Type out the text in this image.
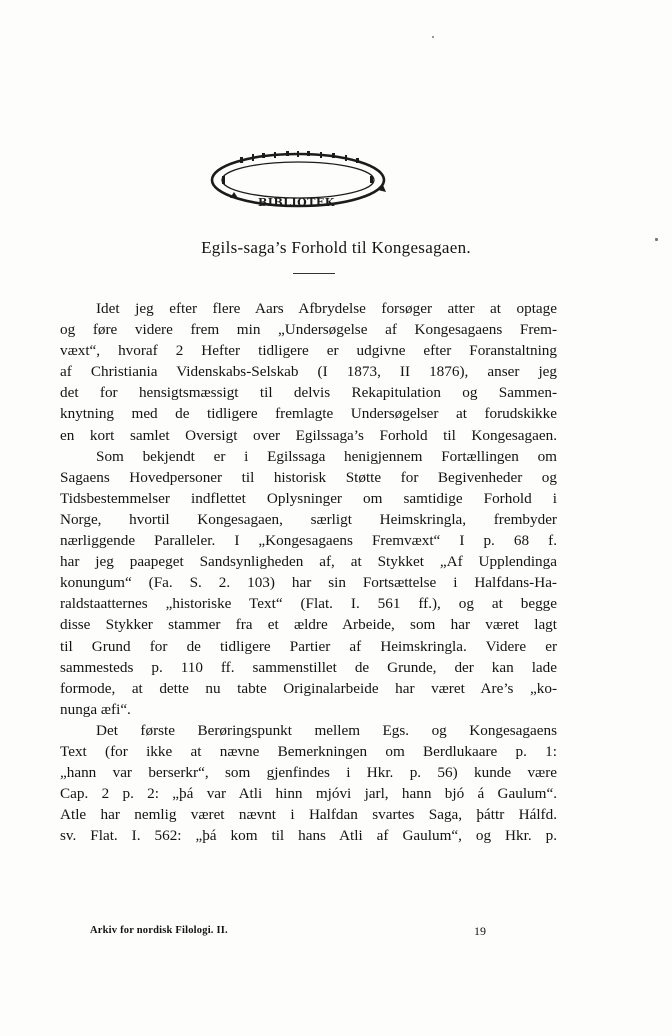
BIBLIOTEK
Egils-saga’s Forhold til Kongesagaen.
Idet jeg efter flere Aars Afbrydelse forsøger atter at optage
og føre videre frem min „Undersøgelse af Kongesagaens Frem-
væxt“, hvoraf 2 Hefter tidligere er udgivne efter Foranstaltning
af Christiania Videnskabs-Selskab (I 1873, II 1876), anser jeg
det for hensigtsmæssigt til delvis Rekapitulation og Sammen-
knytning med de tidligere fremlagte Undersøgelser at forudskikke
en kort samlet Oversigt over Egilssaga’s Forhold til Kongesagaen.
Som bekjendt er i Egilssaga henigjennem Fortællingen om
Sagaens Hovedpersoner til historisk Støtte for Begivenheder og
Tidsbestemmelser indflettet Oplysninger om samtidige Forhold i
Norge, hvortil Kongesagaen, særligt Heimskringla, frembyder
nærliggende Paralleler. I „Kongesagaens Fremvæxt“ I p. 68 f.
har jeg paapeget Sandsynligheden af, at Stykket „Af Upplendinga
konungum“ (Fa. S. 2. 103) har sin Fortsættelse i Halfdans-Ha-
raldstaatternes „historiske Text“ (Flat. I. 561 ff.), og at begge
disse Stykker stammer fra et ældre Arbeide, som har været lagt
til Grund for de tidligere Partier af Heimskringla. Videre er
sammesteds p. 110 ff. sammenstillet de Grunde, der kan lade
formode, at dette nu tabte Originalarbeide har været Are’s „ko-
nunga æfi“.
Det første Berøringspunkt mellem Egs. og Kongesagaens
Text (for ikke at nævne Bemerkningen om Berdlukaare p. 1:
„hann var berserkr“, som gjenfindes i Hkr. p. 56) kunde være
Cap. 2 p. 2: „þá var Atli hinn mjóvi jarl, hann bjó á Gaulum“.
Atle har nemlig været nævnt i Halfdan svartes Saga, þáttr Hálfd.
sv. Flat. I. 562: „þá kom til hans Atli af Gaulum“, og Hkr. p.
Arkiv for nordisk Filologi. II.	19
